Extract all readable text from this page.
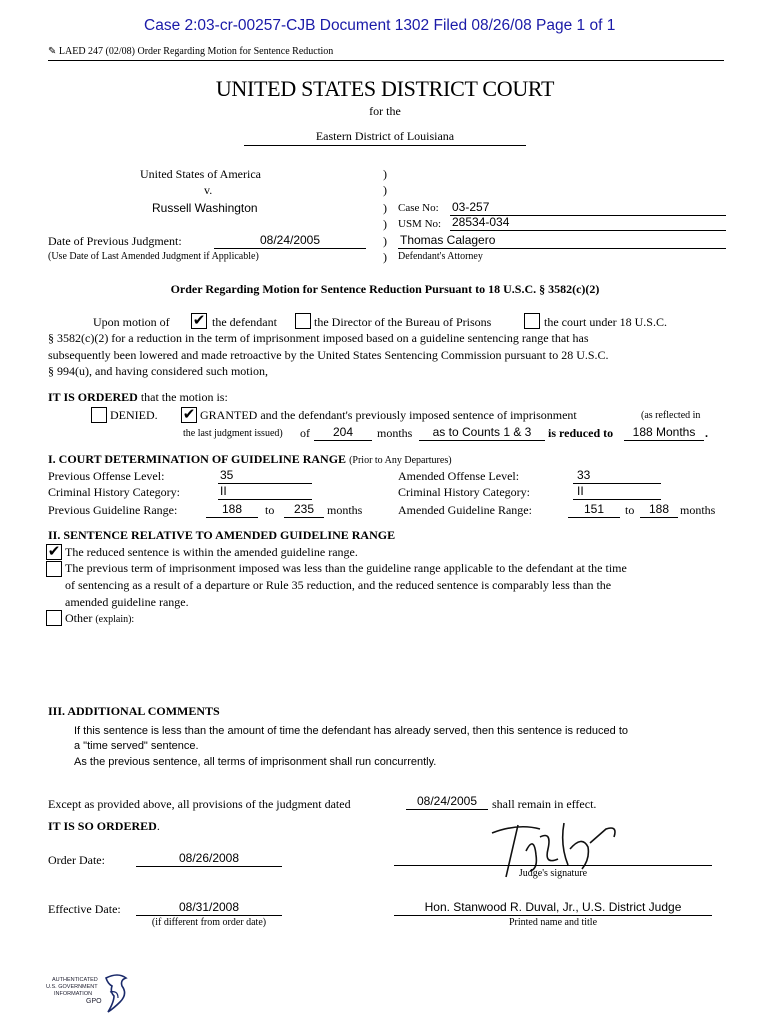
Case 2:03-cr-00257-CJB Document 1302 Filed 08/26/08 Page 1 of 1
✎ LAED 247 (02/08) Order Regarding Motion for Sentence Reduction
UNITED STATES DISTRICT COURT
for the
Eastern District of Louisiana
United States of America
v.
Russell Washington
Date of Previous Judgment:	08/24/2005
(Use Date of Last Amended Judgment if Applicable)
)
)
)
)
)
)
Case No: 03-257
USM No: 28534-034
Thomas Calagero
Defendant's Attorney
Order Regarding Motion for Sentence Reduction Pursuant to 18 U.S.C. § 3582(c)(2)
Upon motion of ✔ the defendant	the Director of the Bureau of Prisons	the court under 18 U.S.C.
§ 3582(c)(2) for a reduction in the term of imprisonment imposed based on a guideline sentencing range that has
subsequently been lowered and made retroactive by the United States Sentencing Commission pursuant to 28 U.S.C.
§ 994(u), and having considered such motion,
IT IS ORDERED that the motion is:
DENIED. ✔ GRANTED and the defendant's previously imposed sentence of imprisonment	(as reflected in
the last judgment issued) of	204	months	as to Counts 1 & 3	is reduced to	188 Months .
I. COURT DETERMINATION OF GUIDELINE RANGE (Prior to Any Departures)
Previous Offense Level:	35
Criminal History Category:	II
Previous Guideline Range:	188	to	235	months
Amended Offense Level:	33
Criminal History Category:	II
Amended Guideline Range:	151	to	188 months
II. SENTENCE RELATIVE TO AMENDED GUIDELINE RANGE
✔ The reduced sentence is within the amended guideline range.
The previous term of imprisonment imposed was less than the guideline range applicable to the defendant at the time
of sentencing as a result of a departure or Rule 35 reduction, and the reduced sentence is comparably less than the
amended guideline range.
Other (explain):
III. ADDITIONAL COMMENTS
If this sentence is less than the amount of time the defendant has already served, then this sentence is reduced to
a "time served" sentence.
As the previous sentence, all terms of imprisonment shall run concurrently.
Except as provided above, all provisions of the judgment dated	08/24/2005	shall remain in effect.
IT IS SO ORDERED.
Order Date:	08/26/2008
Judge's signature
Effective Date:	08/31/2008
(if different from order date)
Hon. Stanwood R. Duval, Jr., U.S. District Judge
Printed name and title
AUTHENTICATED
U.S. GOVERNMENT
INFORMATION
GPO
